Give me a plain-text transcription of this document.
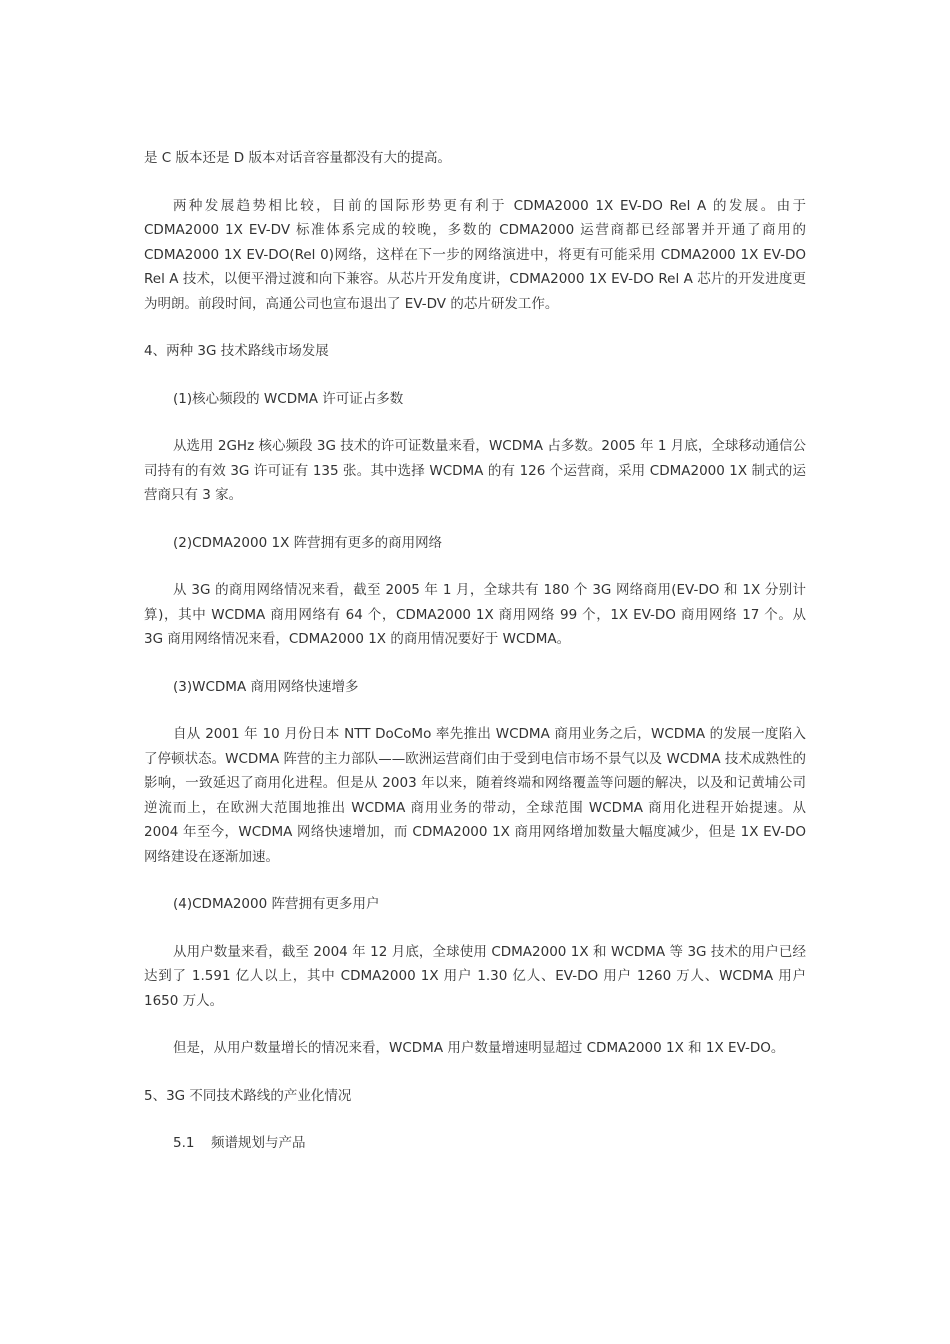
是 C 版本还是 D 版本对话音容量都没有大的提高。

两种发展趋势相比较，目前的国际形势更有利于 CDMA2000 1X EV-DO Rel A 的发展。由于 CDMA2000 1X EV-DV 标准体系完成的较晚，多数的 CDMA2000 运营商都已经部署并开通了商用的 CDMA2000 1X EV-DO(Rel 0)网络，这样在下一步的网络演进中，将更有可能采用 CDMA2000 1X EV-DO Rel A 技术，以便平滑过渡和向下兼容。从芯片开发角度讲，CDMA2000 1X EV-DO Rel A 芯片的开发进度更为明朗。前段时间，高通公司也宣布退出了 EV-DV 的芯片研发工作。

4、两种 3G 技术路线市场发展

(1)核心频段的 WCDMA 许可证占多数

从选用 2GHz 核心频段 3G 技术的许可证数量来看，WCDMA 占多数。2005 年 1 月底，全球移动通信公司持有的有效 3G 许可证有 135 张。其中选择 WCDMA 的有 126 个运营商，采用 CDMA2000 1X 制式的运营商只有 3 家。

(2)CDMA2000 1X 阵营拥有更多的商用网络

从 3G 的商用网络情况来看，截至 2005 年 1 月，全球共有 180 个 3G 网络商用(EV-DO 和 1X 分别计算)，其中 WCDMA 商用网络有 64 个，CDMA2000 1X 商用网络 99 个，1X EV-DO 商用网络 17 个。从 3G 商用网络情况来看，CDMA2000 1X 的商用情况要好于 WCDMA。

(3)WCDMA 商用网络快速增多

自从 2001 年 10 月份日本 NTT DoCoMo 率先推出 WCDMA 商用业务之后，WCDMA 的发展一度陷入了停顿状态。WCDMA 阵营的主力部队——欧洲运营商们由于受到电信市场不景气以及 WCDMA 技术成熟性的影响，一致延迟了商用化进程。但是从 2003 年以来，随着终端和网络覆盖等问题的解决，以及和记黄埔公司逆流而上，在欧洲大范围地推出 WCDMA 商用业务的带动，全球范围 WCDMA 商用化进程开始提速。从 2004 年至今，WCDMA 网络快速增加，而 CDMA2000 1X 商用网络增加数量大幅度减少，但是 1X EV-DO 网络建设在逐渐加速。

(4)CDMA2000 阵营拥有更多用户

从用户数量来看，截至 2004 年 12 月底，全球使用 CDMA2000 1X 和 WCDMA 等 3G 技术的用户已经达到了 1.591 亿人以上，其中 CDMA2000 1X 用户 1.30 亿人、EV-DO 用户 1260 万人、WCDMA 用户 1650 万人。

但是，从用户数量增长的情况来看，WCDMA 用户数量增速明显超过 CDMA2000 1X 和 1X EV-DO。

5、3G 不同技术路线的产业化情况

5.1 频谱规划与产品
